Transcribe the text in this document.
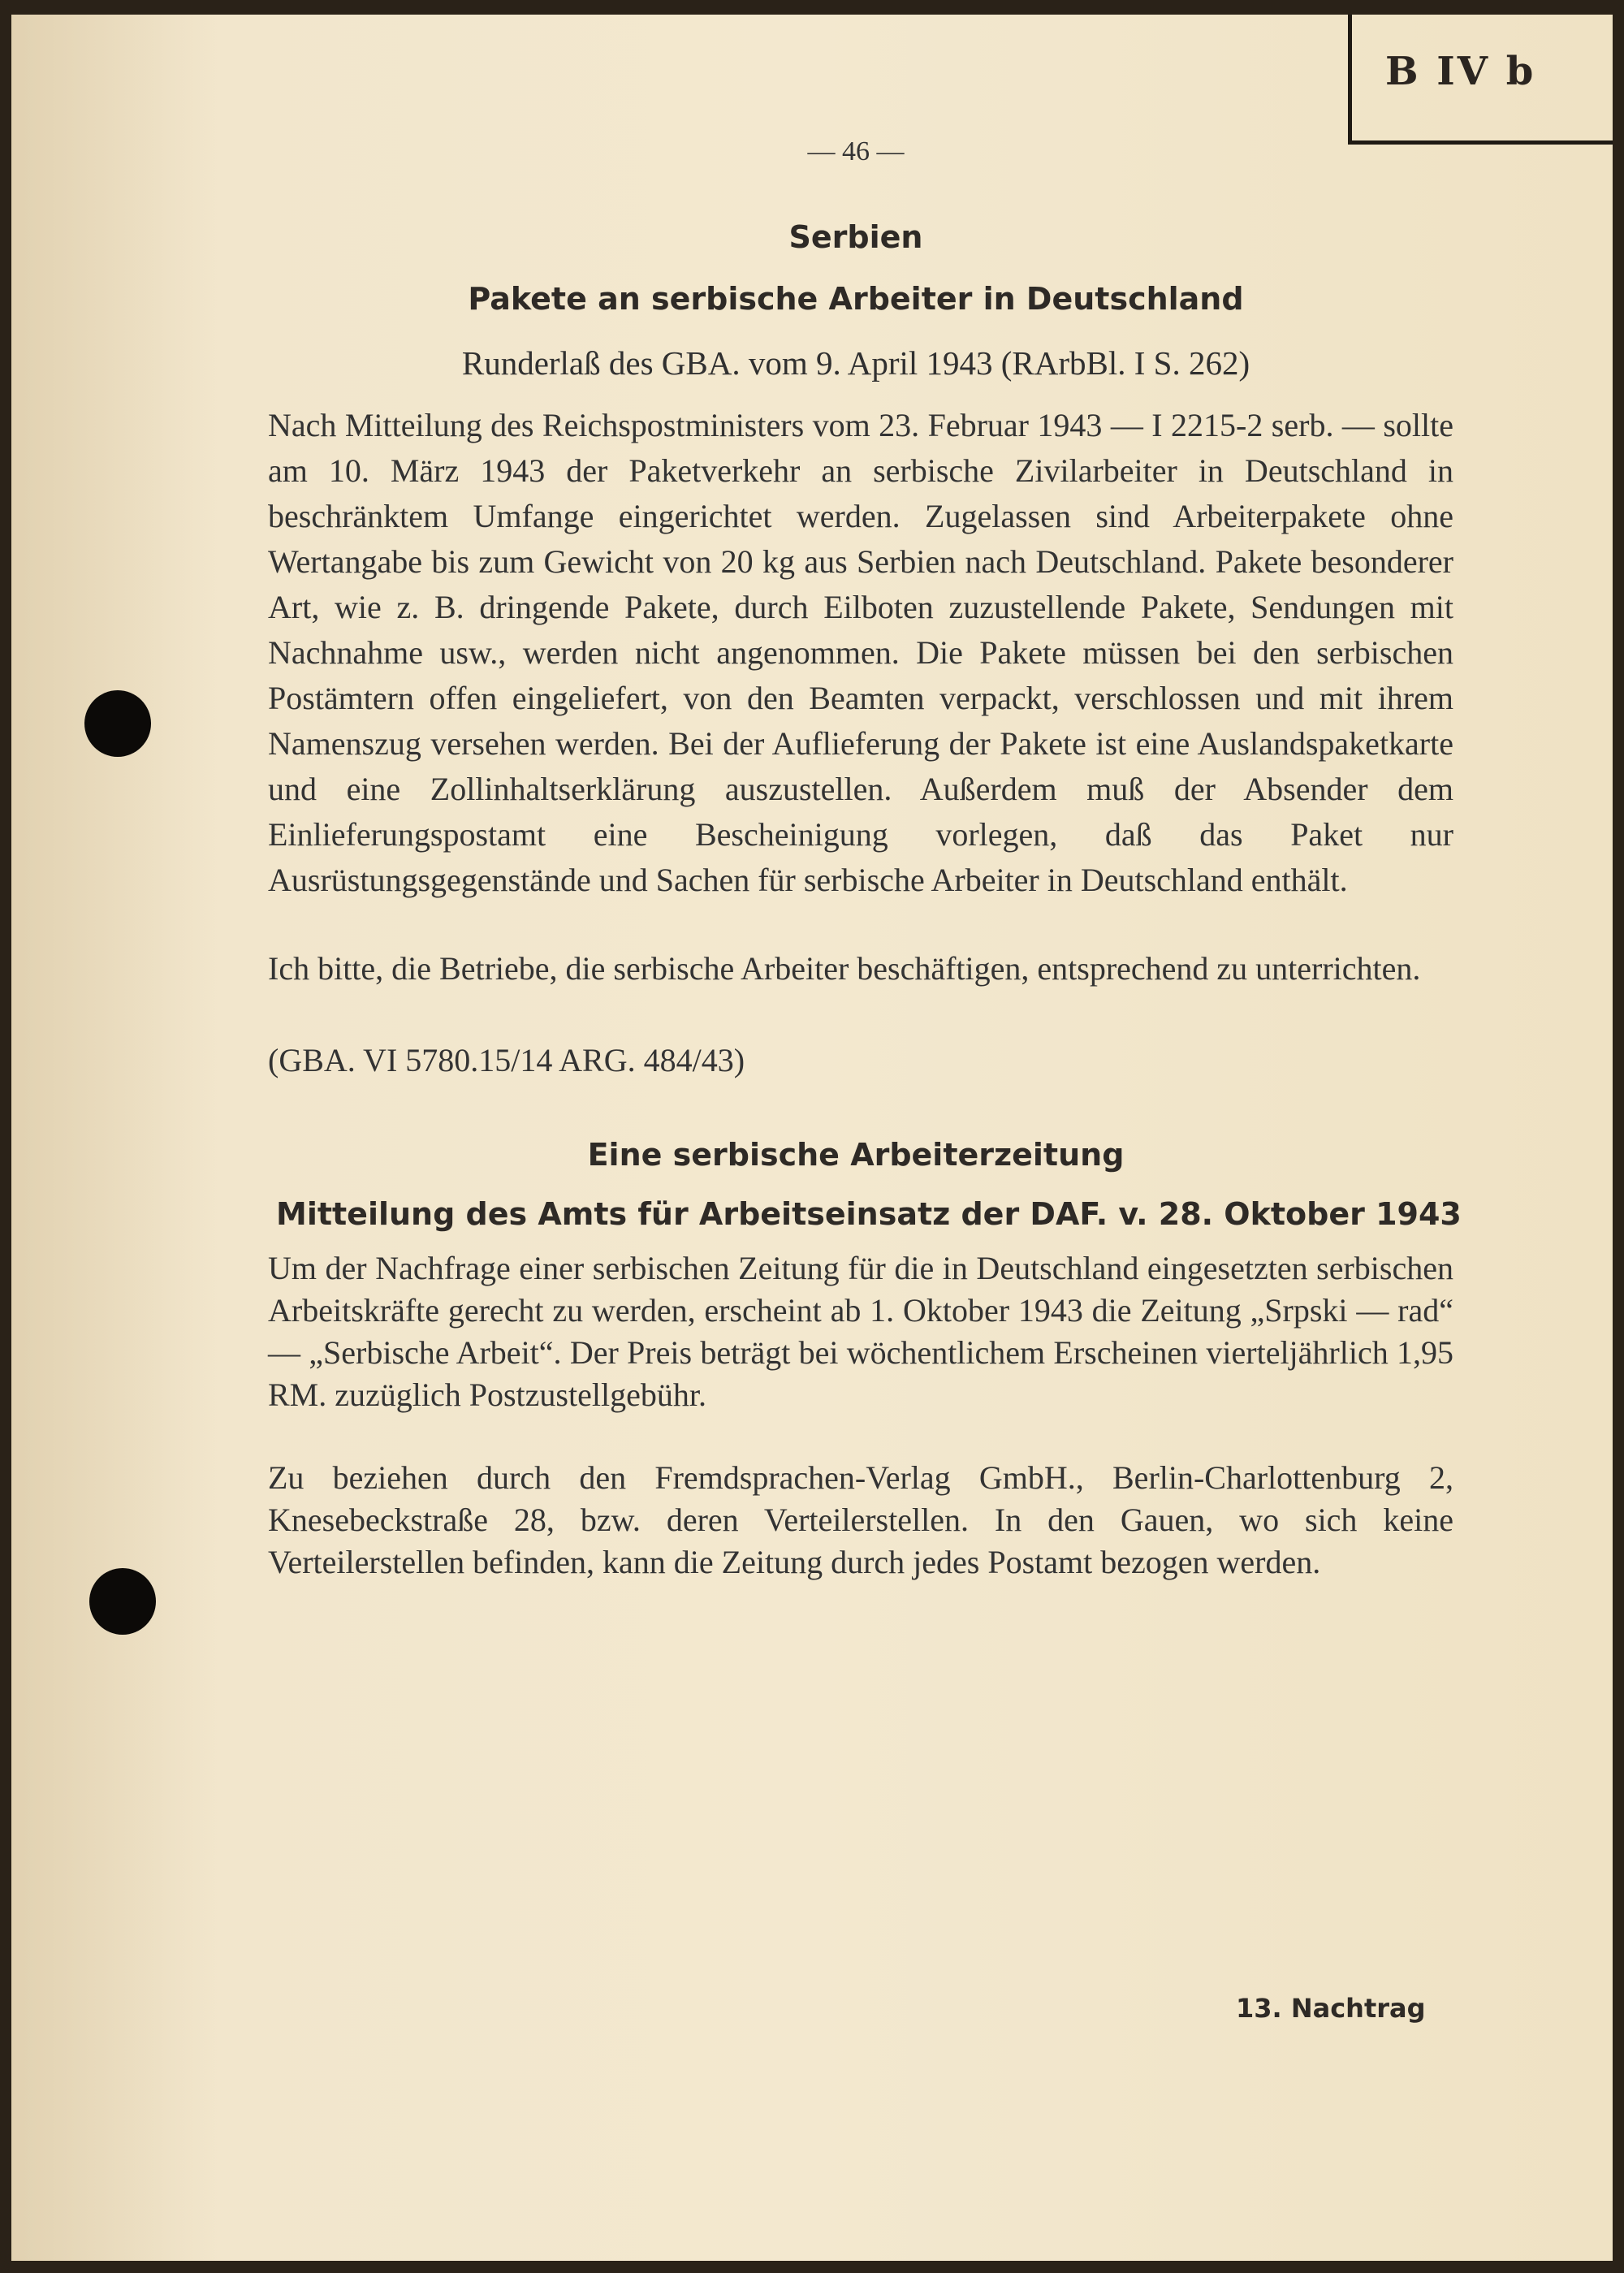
B IV b
— 46 —
Serbien
Pakete an serbische Arbeiter in Deutschland
Runderlaß des GBA. vom 9. April 1943 (RArbBl. I S. 262)

Nach Mitteilung des Reichspostministers vom 23. Februar 1943 — I 2215-2 serb. — sollte am 10. März 1943 der Paketverkehr an serbische Zivilarbeiter in Deutschland in beschränktem Umfange eingerichtet werden. Zugelassen sind Arbeiterpakete ohne Wertangabe bis zum Gewicht von 20 kg aus Serbien nach Deutschland. Pakete besonderer Art, wie z. B. dringende Pakete, durch Eilboten zuzustellende Pakete, Sendungen mit Nachnahme usw., werden nicht angenommen. Die Pakete müssen bei den serbischen Postämtern offen eingeliefert, von den Beamten verpackt, verschlossen und mit ihrem Namenszug versehen werden. Bei der Auflieferung der Pakete ist eine Auslandspaketkarte und eine Zollinhaltserklärung auszustellen. Außerdem muß der Absender dem Einlieferungspostamt eine Bescheinigung vorlegen, daß das Paket nur Ausrüstungsgegenstände und Sachen für serbische Arbeiter in Deutschland enthält.

Ich bitte, die Betriebe, die serbische Arbeiter beschäftigen, entsprechend zu unterrichten.

(GBA. VI 5780.15/14 ARG. 484/43)

Eine serbische Arbeiterzeitung
Mitteilung des Amts für Arbeitseinsatz der DAF. v. 28. Oktober 1943

Um der Nachfrage einer serbischen Zeitung für die in Deutschland eingesetzten serbischen Arbeitskräfte gerecht zu werden, erscheint ab 1. Oktober 1943 die Zeitung „Srpski — rad“ — „Serbische Arbeit“. Der Preis beträgt bei wöchentlichem Erscheinen vierteljährlich 1,95 RM. zuzüglich Postzustellgebühr.

Zu beziehen durch den Fremdsprachen-Verlag GmbH., Berlin-Charlottenburg 2, Knesebeckstraße 28, bzw. deren Verteilerstellen. In den Gauen, wo sich keine Verteilerstellen befinden, kann die Zeitung durch jedes Postamt bezogen werden.

13. Nachtrag
